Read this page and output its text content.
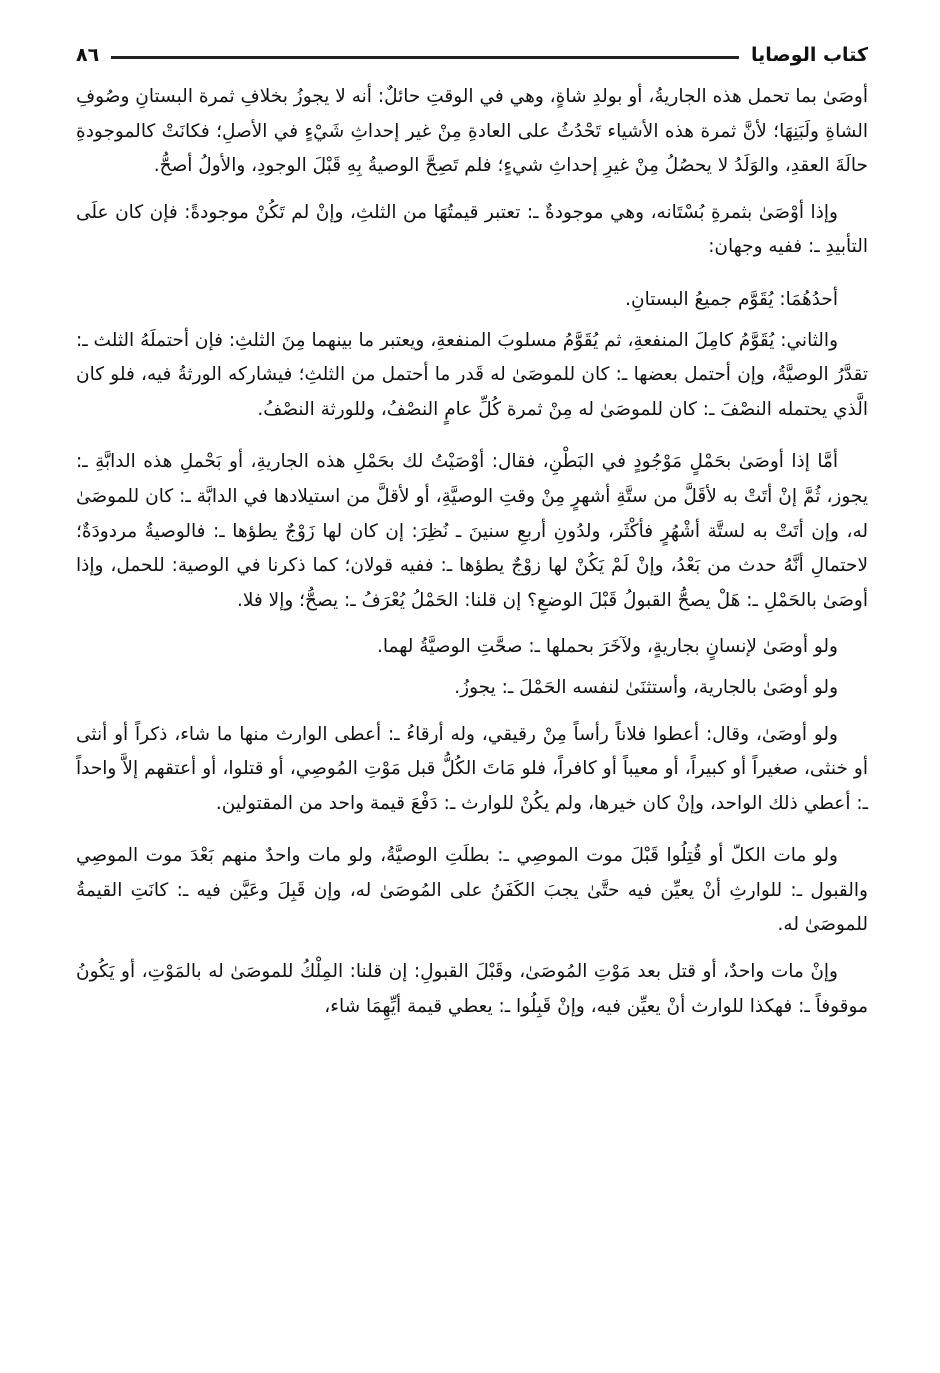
كتاب الوصايا
٨٦

أوصَىٰ بما تحمل هذه الجاريةُ، أو بولدِ شاةٍ، وهي في الوقتِ حائلٌ: أنه لا يجوزُ بخلافِ ثمرة البستانِ وصُوفِ الشاةِ ولَبَنِهَا؛ لأنَّ ثمرة هذه الأشياء تَحْدُثُ على العادةِ مِنْ غير إحداثِ شَيْءٍ في الأصلِ؛ فكانَتْ كالموجودةِ حالَةَ العقدِ، والوَلَدُ لا يحصُلُ مِنْ غيرِ إحداثِ شيءٍ؛ فلم تَصِحَّ الوصيةُ بِهِ قَبْلَ الوجودِ، والأولُ أصحُّ.

وإذا أوْصَىٰ بثمرةِ بُسْتَانه، وهي موجودةٌ ـ: تعتبر قيمتُهَا من الثلثِ، وإنْ لم تَكُنْ موجودةً: فإن كان علَى التأبيدِ ـ: ففيه وجهان:

أحدُهُمَا: يُقَوَّم جميعُ البستانِ.

والثاني: يُقَوَّمُ كامِلَ المنفعةِ، ثم يُقَوَّمُ مسلوبَ المنفعةِ، ويعتبر ما بينهما مِنَ الثلثِ: فإن أحتملَهُ الثلث ـ: تقدَّرُ الوصيَّةُ، وإن أحتمل بعضها ـ: كان للموصَىٰ له قَدر ما أحتمل من الثلثِ؛ فيشاركه الورثةُ فيه، فلو كان الَّذي يحتمله النصْفَ ـ: كان للموصَىٰ له مِنْ ثمرة كُلِّ عامٍ النصْفُ، وللورثة النصْفُ.

أمَّا إذا أوصَىٰ بحَمْلٍ مَوْجُودٍ في البَطْنِ، فقال: أوْصَيْتُ لك بحَمْلِ هذه الجاريةِ، أو بَحْملِ هذه الدابَّةِ ـ: يجوز، ثُمَّ إنْ أتَتْ به لأقَلَّ من ستَّةِ أشهرٍ مِنْ وقتِ الوصيَّةِ، أو لأقلَّ من استيلادها في الدابَّة ـ: كان للموصَىٰ له، وإن أتَتْ به لستَّة أشْهُرٍ فأكْثَر، ولدُونِ أربعِ سنينَ ـ نُظِرَ: إن كان لها زَوْجٌ يطؤها ـ: فالوصيةُ مردودَةٌ؛ لاحتمالِ أنَّهُ حدث من بَعْدُ، وإنْ لَمْ يَكُنْ لها زوْجٌ يطؤها ـ: ففيه قولان؛ كما ذكرنا في الوصية: للحمل، وإذا أوصَىٰ بالحَمْلِ ـ: هَلْ يصحُّ القبولُ قَبْلَ الوضعِ؟ إن قلنا: الحَمْلُ يُعْرَفُ ـ: يصحُّ؛ وإلا فلا.

ولو أوصَىٰ لإنسانٍ بجاريةٍ، ولآخَرَ بحملها ـ: صحَّتِ الوصيَّةُ لهما.

ولو أوصَىٰ بالجارية، وأستثنَىٰ لنفسه الحَمْلَ ـ: يجوزُ.

ولو أوصَىٰ، وقال: أعطوا فلاناً رأساً مِنْ رقيقي، وله أرقاءُ ـ: أعطى الوارث منها ما شاء، ذكراً أو أنثى أو خنثى، صغيراً أو كبيراً، أو معيباً أو كافراً، فلو مَاتَ الكُلُّ قبل مَوْتِ المُوصِي، أو قتلوا، أو أعتقهم إلاَّ واحداً ـ: أعطي ذلك الواحد، وإنْ كان خيرها، ولم يكُنْ للوارث ـ: دَفْعَ قيمة واحد من المقتولين.

ولو مات الكلّ أو قُتِلُوا قَبْلَ موت الموصِي ـ: بطلَتِ الوصيَّةُ، ولو مات واحدٌ منهم بَعْدَ موت الموصِي والقبول ـ: للوارثِ أنْ يعيِّن فيه حتَّىٰ يجبَ الكَفَنُ على المُوصَىٰ له، وإن قَبِلَ وعَيَّن فيه ـ: كانَتِ القيمةُ للموصَىٰ له.

وإنْ مات واحدٌ، أو قتل بعد مَوْتِ المُوصَىٰ، وقَبْلَ القبولِ: إن قلنا: المِلْكُ للموصَىٰ له بالمَوْتِ، أو يَكُونُ موقوفاً ـ: فهكذا للوارث أنْ يعيِّن فيه، وإنْ قَبِلُوا ـ: يعطي قيمة أيِّهِمَا شاء،
